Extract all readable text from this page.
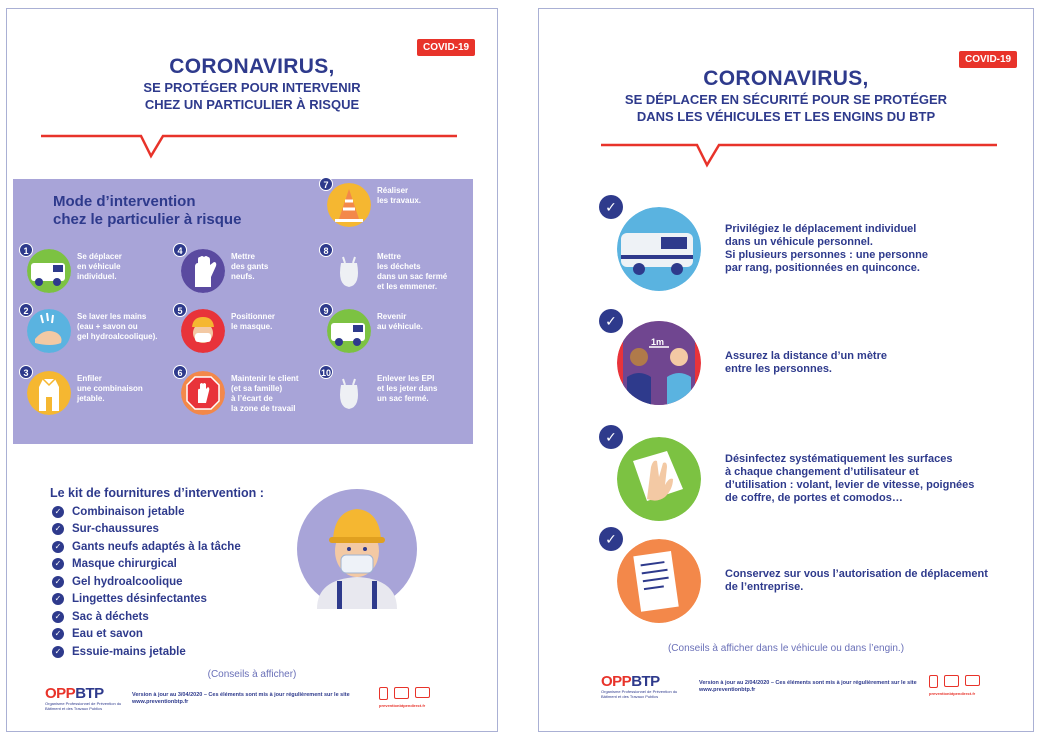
COVID-19
CORONAVIRUS,
SE PROTÉGER POUR INTERVENIR
CHEZ UN PARTICULIER À RISQUE
Mode d’intervention
chez le particulier à risque
1
Se déplacer
en véhicule
individuel.
2
Se laver les mains
(eau + savon ou
gel hydroalcoolique).
3
Enfiler
une combinaison
jetable.
4
Mettre
des gants
neufs.
5
Positionner
le masque.
6
Maintenir le client
(et sa famille)
à l’écart de
la zone de travail
7
Réaliser
les travaux.
8
Mettre
les déchets
dans un sac fermé
et les emmener.
9
Revenir
au véhicule.
10
Enlever les EPI
et les jeter dans
un sac fermé.
Le kit de fournitures d’intervention :
✓ Combinaison jetable
✓ Sur-chaussures
✓ Gants neufs adaptés à la tâche
✓ Masque chirurgical
✓ Gel hydroalcoolique
✓ Lingettes désinfectantes
✓ Sac à déchets
✓ Eau et savon
✓ Essuie-mains jetable
(Conseils à afficher)
OPPBTP
Organisme Professionnel de Prévention du Bâtiment et des Travaux Publics
Version à jour au 3/04/2020 – Ces éléments sont mis à jour régulièrement sur le site www.preventionbtp.fr
preventionbtpendirect.fr
COVID-19
CORONAVIRUS,
SE DÉPLACER EN SÉCURITÉ POUR SE PROTÉGER
DANS LES VÉHICULES ET LES ENGINS DU BTP
✓
Privilégiez le déplacement individuel
dans un véhicule personnel.
Si plusieurs personnes : une personne
par rang, positionnées en quinconce.
✓
1m
Assurez la distance d’un mètre
entre les personnes.
✓
Désinfectez systématiquement les surfaces
à chaque changement d’utilisateur et
d’utilisation : volant, levier de vitesse, poignées
de coffre, de portes et comodos…
✓
Conservez sur vous l’autorisation de déplacement
de l’entreprise.
(Conseils à afficher dans le véhicule ou dans l’engin.)
OPPBTP
Organisme Professionnel de Prévention du Bâtiment et des Travaux Publics
Version à jour au 2/04/2020 – Ces éléments sont mis à jour régulièrement sur le site www.preventionbtp.fr
preventionbtpendirect.fr
